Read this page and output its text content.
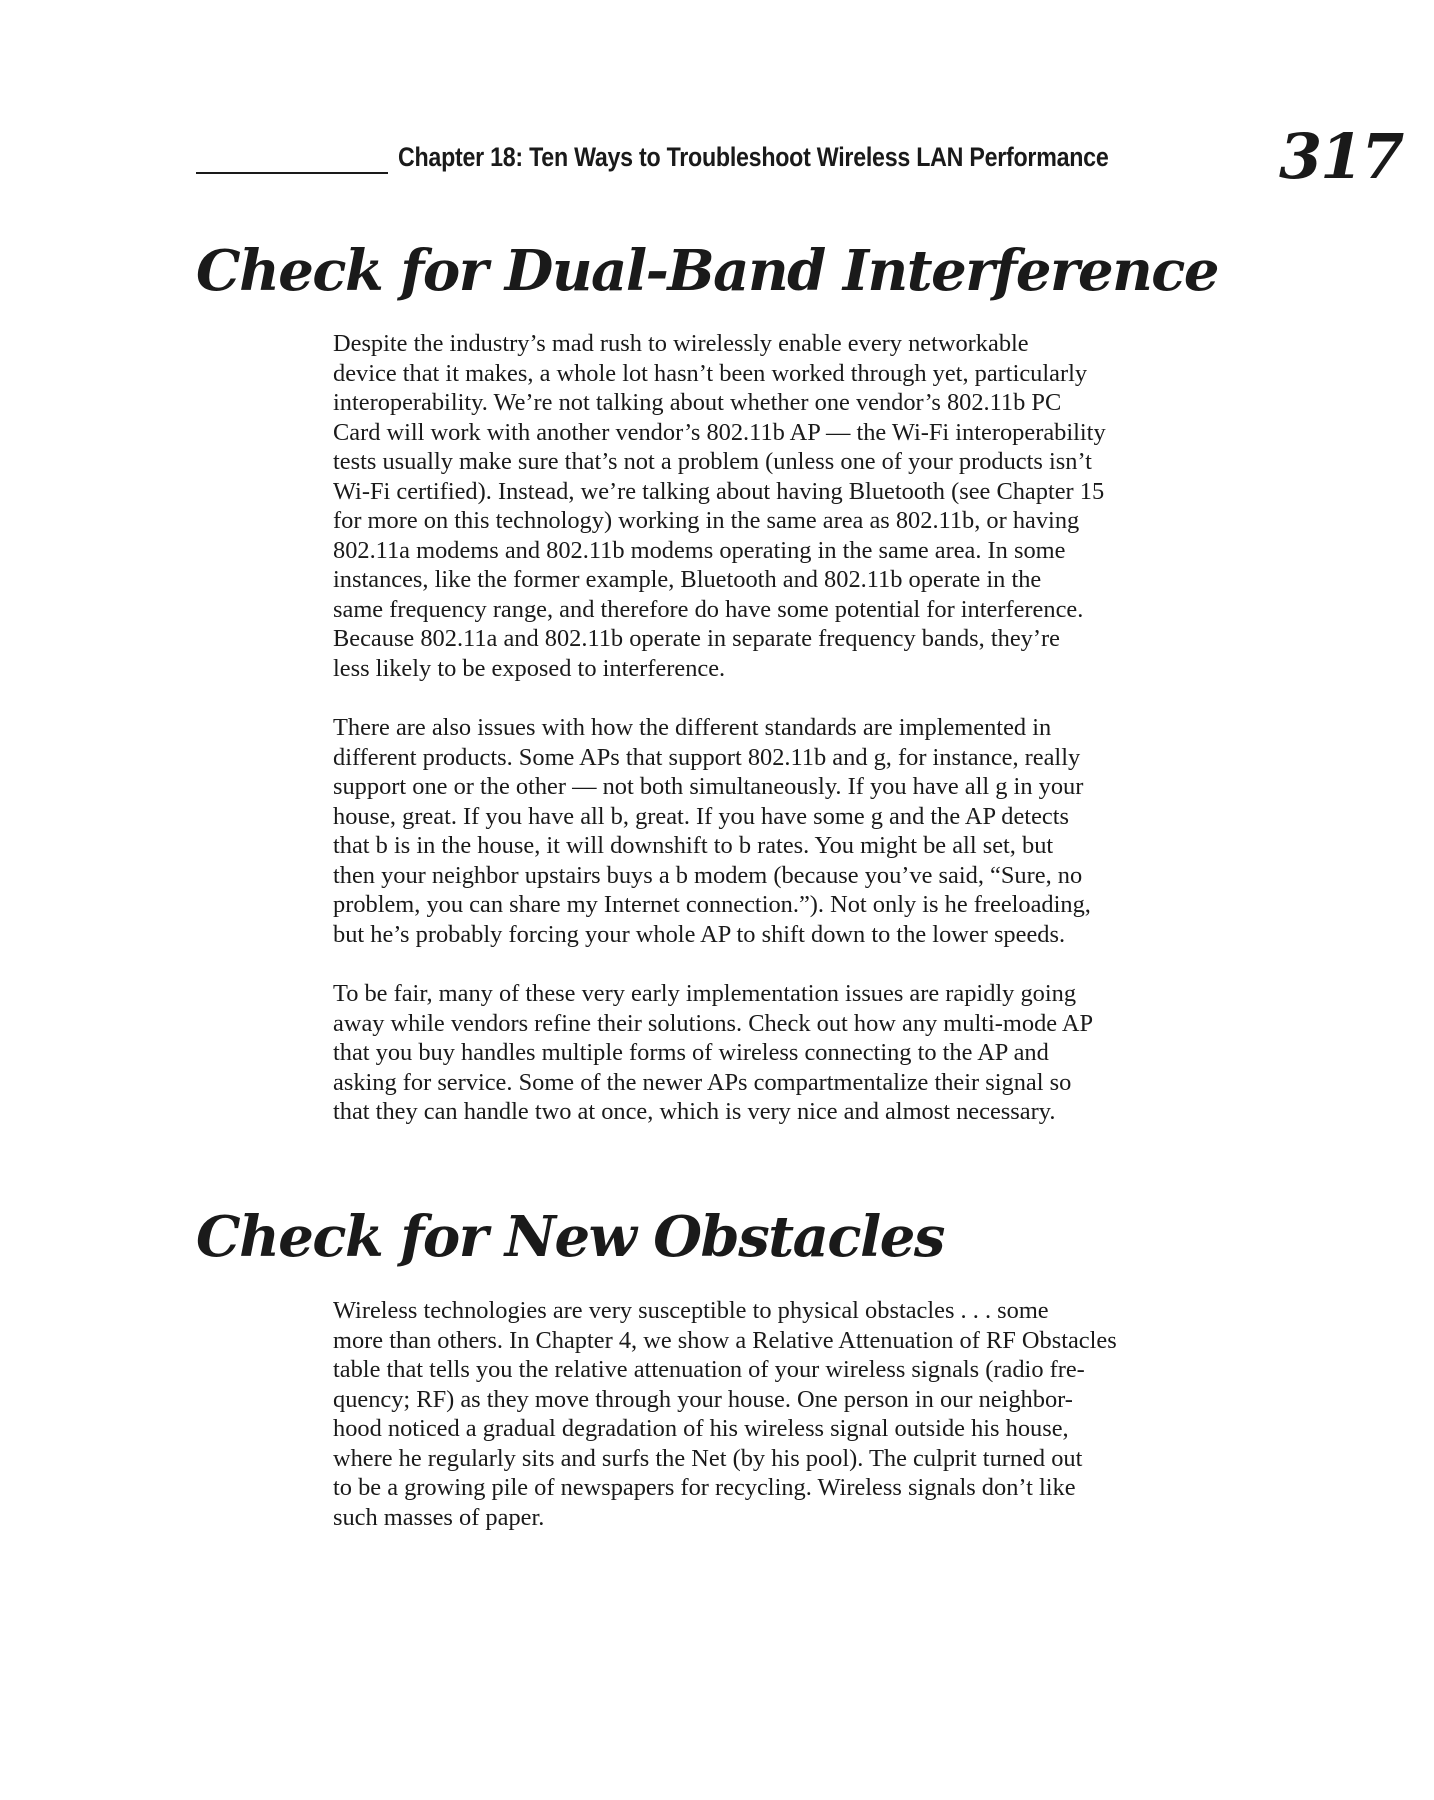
Chapter 18: Ten Ways to Troubleshoot Wireless LAN Performance	317
Check for Dual-Band Interference

Despite the industry’s mad rush to wirelessly enable every networkable
device that it makes, a whole lot hasn’t been worked through yet, particularly
interoperability. We’re not talking about whether one vendor’s 802.11b PC
Card will work with another vendor’s 802.11b AP — the Wi-Fi interoperability
tests usually make sure that’s not a problem (unless one of your products isn’t
Wi-Fi certified). Instead, we’re talking about having Bluetooth (see Chapter 15
for more on this technology) working in the same area as 802.11b, or having
802.11a modems and 802.11b modems operating in the same area. In some
instances, like the former example, Bluetooth and 802.11b operate in the
same frequency range, and therefore do have some potential for interference.
Because 802.11a and 802.11b operate in separate frequency bands, they’re
less likely to be exposed to interference.

There are also issues with how the different standards are implemented in
different products. Some APs that support 802.11b and g, for instance, really
support one or the other — not both simultaneously. If you have all g in your
house, great. If you have all b, great. If you have some g and the AP detects
that b is in the house, it will downshift to b rates. You might be all set, but
then your neighbor upstairs buys a b modem (because you’ve said, “Sure, no
problem, you can share my Internet connection.”). Not only is he freeloading,
but he’s probably forcing your whole AP to shift down to the lower speeds.

To be fair, many of these very early implementation issues are rapidly going
away while vendors refine their solutions. Check out how any multi-mode AP
that you buy handles multiple forms of wireless connecting to the AP and
asking for service. Some of the newer APs compartmentalize their signal so
that they can handle two at once, which is very nice and almost necessary.

Check for New Obstacles

Wireless technologies are very susceptible to physical obstacles . . . some
more than others. In Chapter 4, we show a Relative Attenuation of RF Obstacles
table that tells you the relative attenuation of your wireless signals (radio fre-
quency; RF) as they move through your house. One person in our neighbor-
hood noticed a gradual degradation of his wireless signal outside his house,
where he regularly sits and surfs the Net (by his pool). The culprit turned out
to be a growing pile of newspapers for recycling. Wireless signals don’t like
such masses of paper.
